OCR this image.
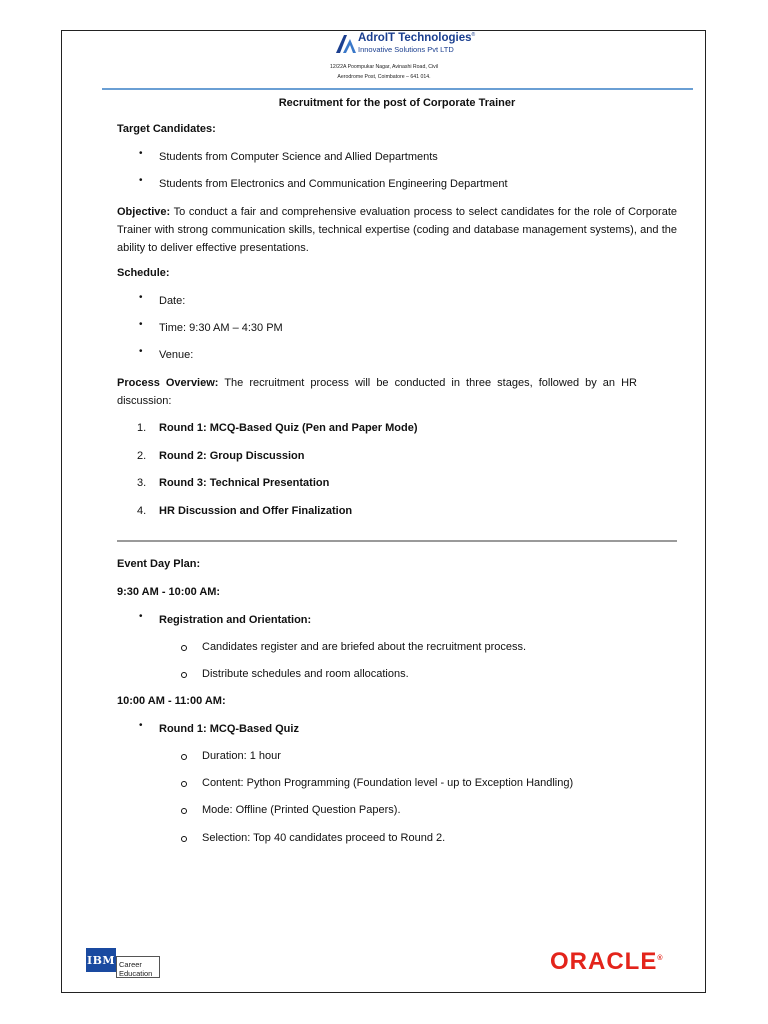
AdroIT Technologies®
Innovative Solutions Pvt LTD
12/22A Poompukar Nagar, Avinashi Road, Civil
Aerodrome Post, Coimbatore – 641 014.
Recruitment for the post of Corporate Trainer
Target Candidates:
• Students from Computer Science and Allied Departments
• Students from Electronics and Communication Engineering Department
Objective: To conduct a fair and comprehensive evaluation process to select candidates for the role of Corporate Trainer with strong communication skills, technical expertise (coding and database management systems), and the ability to deliver effective presentations.
Schedule:
• Date:
• Time: 9:30 AM – 4:30 PM
• Venue:
Process Overview: The recruitment process will be conducted in three stages, followed by an HR discussion:
1. Round 1: MCQ-Based Quiz (Pen and Paper Mode)
2. Round 2: Group Discussion
3. Round 3: Technical Presentation
4. HR Discussion and Offer Finalization
Event Day Plan:
9:30 AM - 10:00 AM:
• Registration and Orientation:
Candidates register and are briefed about the recruitment process.
Distribute schedules and room allocations.
10:00 AM - 11:00 AM:
• Round 1: MCQ-Based Quiz
Duration: 1 hour
Content: Python Programming (Foundation level - up to Exception Handling)
Mode: Offline (Printed Question Papers).
Selection: Top 40 candidates proceed to Round 2.
Career
Education
IBM	ORACLE®
